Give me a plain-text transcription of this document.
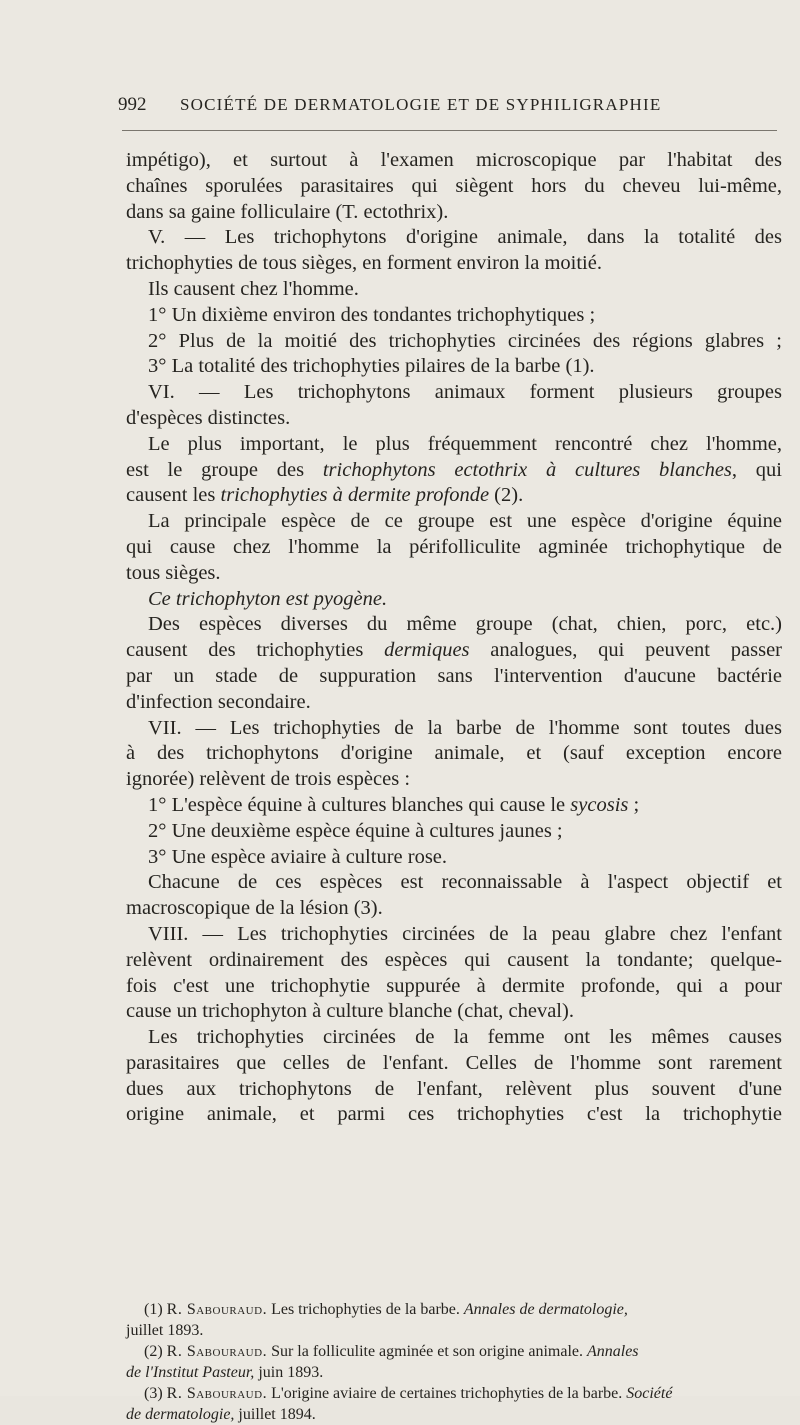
992 SOCIÉTÉ DE DERMATOLOGIE ET DE SYPHILIGRAPHIE

impétigo), et surtout à l'examen microscopique par l'habitat des

chaînes sporulées parasitaires qui siègent hors du cheveu lui-même,

dans sa gaine folliculaire (T. ectothrix).

V. — Les trichophytons d'origine animale, dans la totalité des

trichophyties de tous sièges, en forment environ la moitié.

Ils causent chez l'homme.

1° Un dixième environ des tondantes trichophytiques ;

2° Plus de la moitié des trichophyties circinées des régions glabres ;

3° La totalité des trichophyties pilaires de la barbe (1).

VI. — Les trichophytons animaux forment plusieurs groupes

d'espèces distinctes.

Le plus important, le plus fréquemment rencontré chez l'homme,

est le groupe des trichophytons ectothrix à cultures blanches, qui

causent les trichophyties à dermite profonde (2).

La principale espèce de ce groupe est une espèce d'origine équine

qui cause chez l'homme la périfolliculite agminée trichophytique de

tous sièges.

Ce trichophyton est pyogène.

Des espèces diverses du même groupe (chat, chien, porc, etc.)

causent des trichophyties dermiques analogues, qui peuvent passer

par un stade de suppuration sans l'intervention d'aucune bactérie

d'infection secondaire.

VII. — Les trichophyties de la barbe de l'homme sont toutes dues

à des trichophytons d'origine animale, et (sauf exception encore

ignorée) relèvent de trois espèces :

1° L'espèce équine à cultures blanches qui cause le sycosis ;

2° Une deuxième espèce équine à cultures jaunes ;

3° Une espèce aviaire à culture rose.

Chacune de ces espèces est reconnaissable à l'aspect objectif et

macroscopique de la lésion (3).

VIII. — Les trichophyties circinées de la peau glabre chez l'enfant

relèvent ordinairement des espèces qui causent la tondante; quelque-

fois c'est une trichophytie suppurée à dermite profonde, qui a pour

cause un trichophyton à culture blanche (chat, cheval).

Les trichophyties circinées de la femme ont les mêmes causes

parasitaires que celles de l'enfant. Celles de l'homme sont rarement

dues aux trichophytons de l'enfant, relèvent plus souvent d'une

origine animale, et parmi ces trichophyties c'est la trichophytie

(1) R. Sabouraud. Les trichophyties de la barbe. Annales de dermatologie,

juillet 1893.

(2) R. Sabouraud. Sur la folliculite agminée et son origine animale. Annales

de l'Institut Pasteur, juin 1893.

(3) R. Sabouraud. L'origine aviaire de certaines trichophyties de la barbe. Société

de dermatologie, juillet 1894.
